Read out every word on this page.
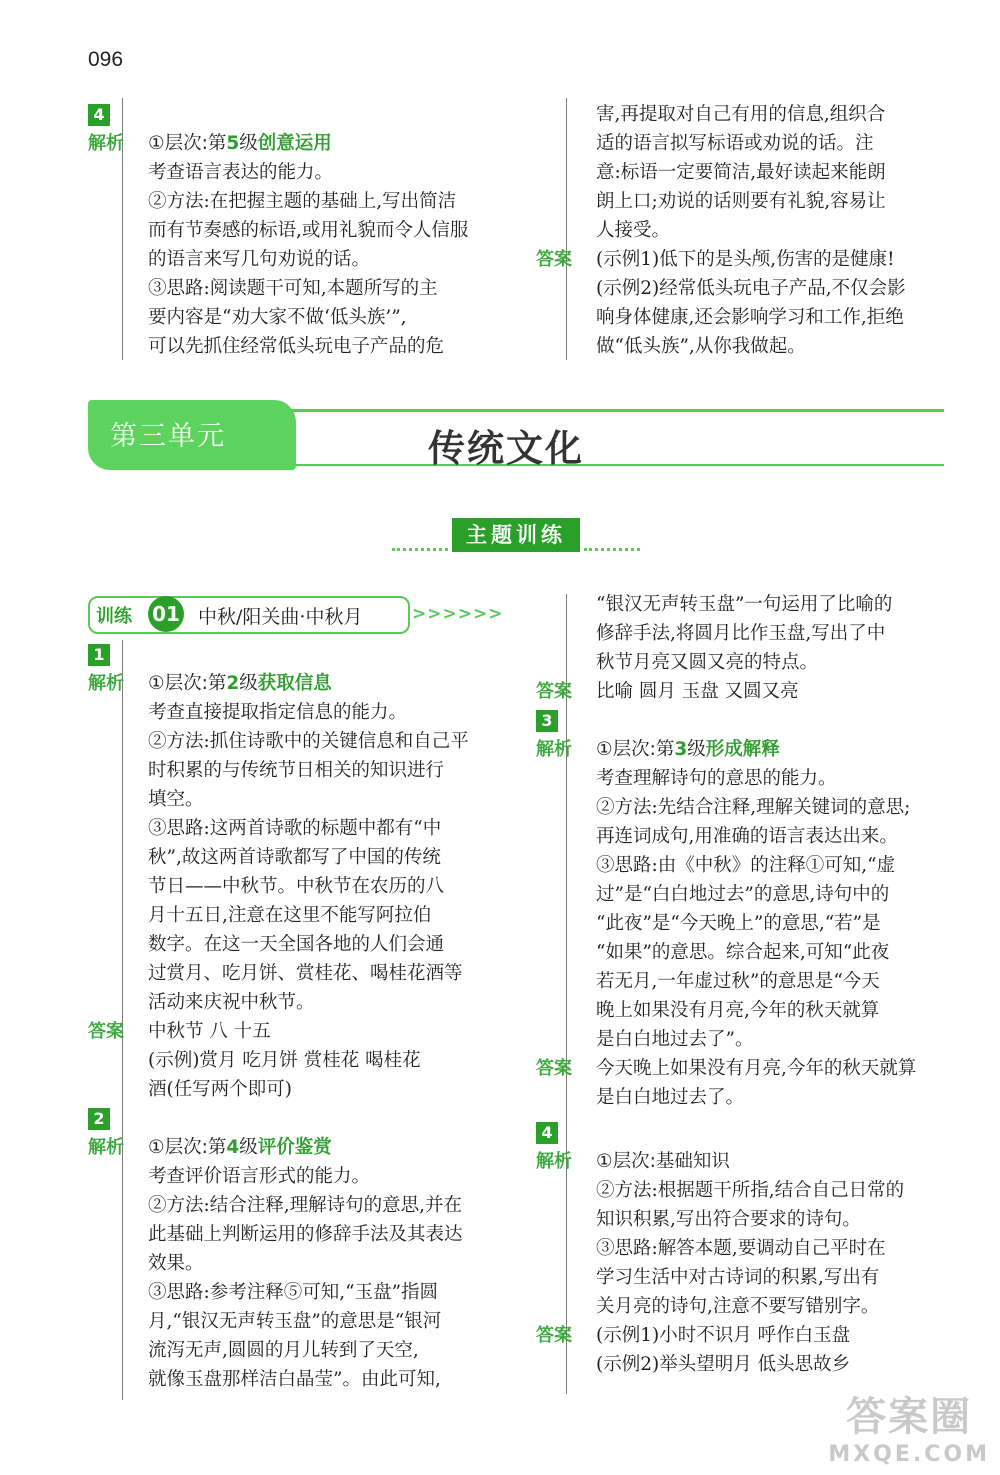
096
4
解析	①层次:第5级创意运用
考查语言表达的能力。
②方法:在把握主题的基础上,写出简洁
而有节奏感的标语,或用礼貌而令人信服
的语言来写几句劝说的话。
③思路:阅读题干可知,本题所写的主
要内容是“劝大家不做‘低头族’”,
可以先抓住经常低头玩电子产品的危
害,再提取对自己有用的信息,组织合
适的语言拟写标语或劝说的话。注
意:标语一定要简洁,最好读起来能朗
朗上口;劝说的话则要有礼貌,容易让
人接受。
答案	(示例1)低下的是头颅,伤害的是健康!
(示例2)经常低头玩电子产品,不仅会影
响身体健康,还会影响学习和工作,拒绝
做“低头族”,从你我做起。
第三单元	传统文化
主题训练
训练 01 中秋/阳关曲·中秋月	>>>>>>
1
解析	①层次:第2级获取信息
考查直接提取指定信息的能力。
②方法:抓住诗歌中的关键信息和自己平
时积累的与传统节日相关的知识进行
填空。
③思路:这两首诗歌的标题中都有“中
秋”,故这两首诗歌都写了中国的传统
节日——中秋节。中秋节在农历的八
月十五日,注意在这里不能写阿拉伯
数字。在这一天全国各地的人们会通
过赏月、吃月饼、赏桂花、喝桂花酒等
活动来庆祝中秋节。
答案	中秋节 八 十五
(示例)赏月 吃月饼 赏桂花 喝桂花
酒(任写两个即可)
2
解析	①层次:第4级评价鉴赏
考查评价语言形式的能力。
②方法:结合注释,理解诗句的意思,并在
此基础上判断运用的修辞手法及其表达
效果。
③思路:参考注释⑤可知,“玉盘”指圆
月,“银汉无声转玉盘”的意思是“银河
流泻无声,圆圆的月儿转到了天空,
就像玉盘那样洁白晶莹”。由此可知,
“银汉无声转玉盘”一句运用了比喻的
修辞手法,将圆月比作玉盘,写出了中
秋节月亮又圆又亮的特点。
答案	比喻 圆月 玉盘 又圆又亮
3
解析	①层次:第3级形成解释
考查理解诗句的意思的能力。
②方法:先结合注释,理解关键词的意思;
再连词成句,用准确的语言表达出来。
③思路:由《中秋》的注释①可知,“虚
过”是“白白地过去”的意思,诗句中的
“此夜”是“今天晚上”的意思,“若”是
“如果”的意思。综合起来,可知“此夜
若无月,一年虚过秋”的意思是“今天
晚上如果没有月亮,今年的秋天就算
是白白地过去了”。
答案	今天晚上如果没有月亮,今年的秋天就算
是白白地过去了。
4
解析	①层次:基础知识
②方法:根据题干所指,结合自己日常的
知识积累,写出符合要求的诗句。
③思路:解答本题,要调动自己平时在
学习生活中对古诗词的积累,写出有
关月亮的诗句,注意不要写错别字。
答案	(示例1)小时不识月 呼作白玉盘
(示例2)举头望明月 低头思故乡
答案圈
MXQE.COM
